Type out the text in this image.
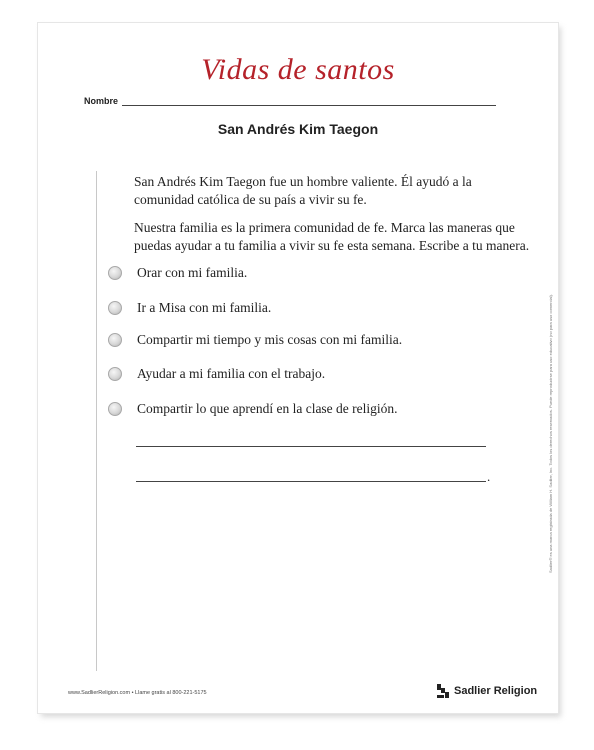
Vidas de santos
Nombre
San Andrés Kim Taegon
San Andrés Kim Taegon fue un hombre valiente. Él ayudó a la comunidad católica de su país a vivir su fe.
Nuestra familia es la primera comunidad de fe. Marca las maneras que puedas ayudar a tu familia a vivir su fe esta semana. Escribe a tu manera.
Orar con mi familia.
Ir a Misa con mi familia.
Compartir mi tiempo y mis cosas con mi familia.
Ayudar a mi familia con el trabajo.
Compartir lo que aprendí en la clase de religión.
.	Sadlier® es una marca registrada de William H. Sadlier, Inc. Todos los derechos reservados. Puede reproducirse para uso educativo (no para uso comercial).
www.SadlierReligion.com • Llame gratis al 800-221-5175	Sadlier Religion
